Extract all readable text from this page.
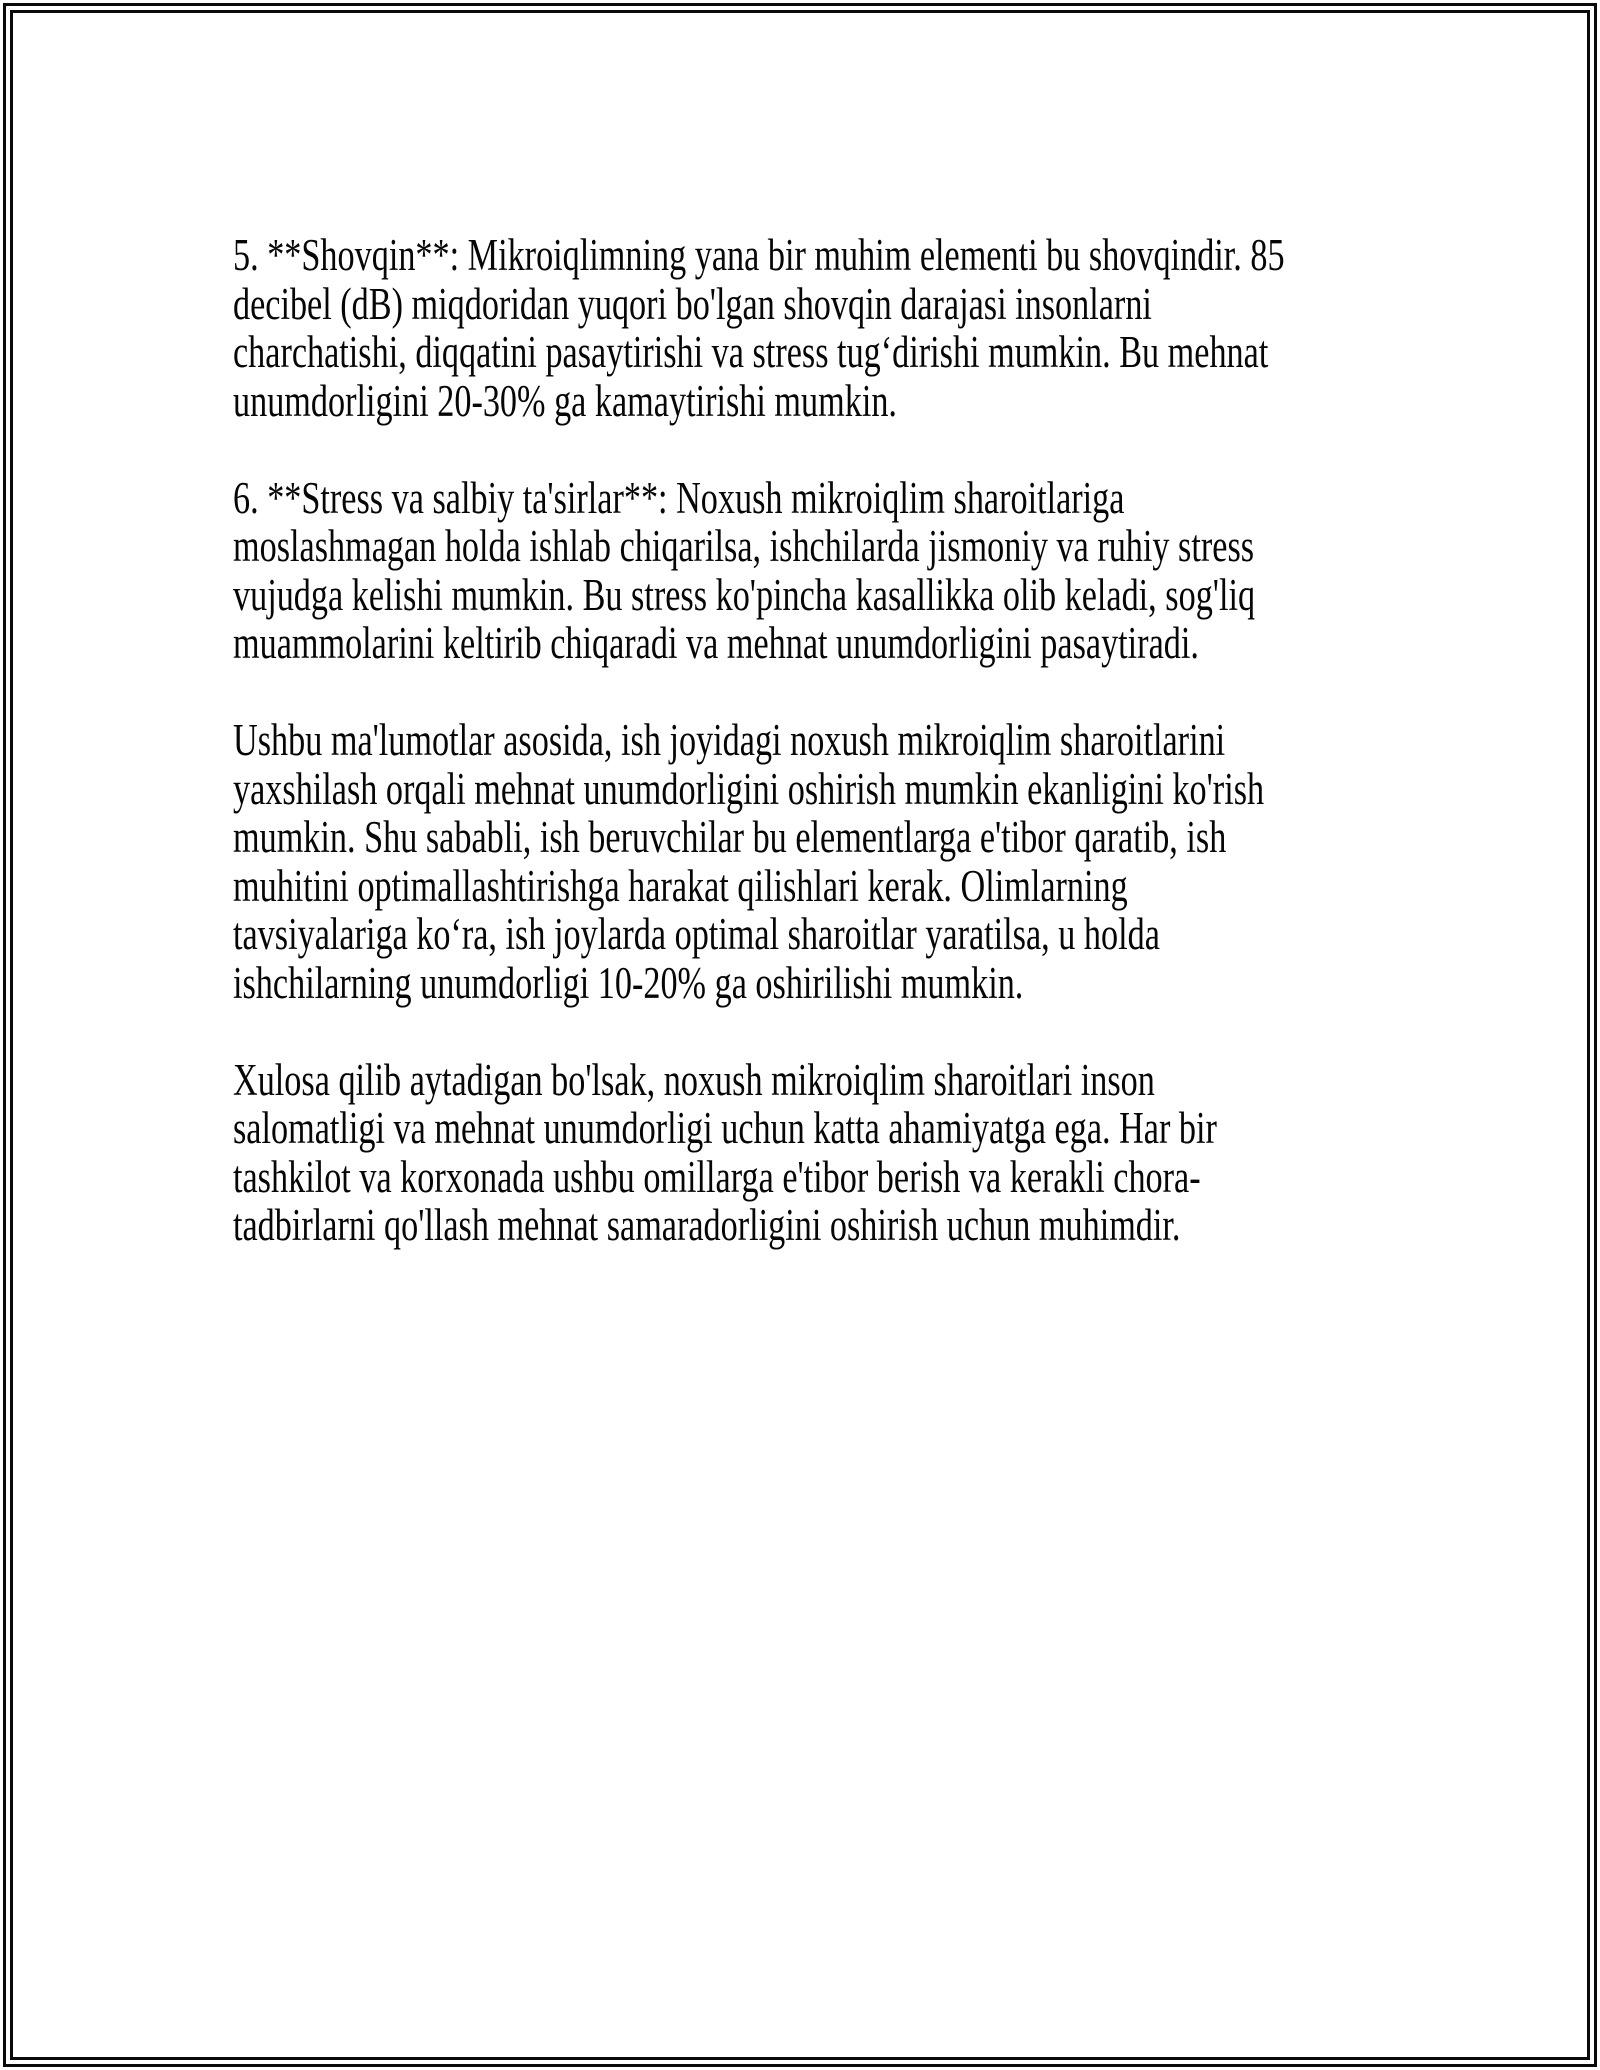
5. **Shovqin**: Mikroiqlimning yana bir muhim elementi bu shovqindir. 85
decibel (dB) miqdoridan yuqori bo'lgan shovqin darajasi insonlarni
charchatishi, diqqatini pasaytirishi va stress tug‘dirishi mumkin. Bu mehnat
unumdorligini 20-30% ga kamaytirishi mumkin.
6. **Stress va salbiy ta'sirlar**: Noxush mikroiqlim sharoitlariga
moslashmagan holda ishlab chiqarilsa, ishchilarda jismoniy va ruhiy stress
vujudga kelishi mumkin. Bu stress ko'pincha kasallikka olib keladi, sog'liq
muammolarini keltirib chiqaradi va mehnat unumdorligini pasaytiradi.
Ushbu ma'lumotlar asosida, ish joyidagi noxush mikroiqlim sharoitlarini
yaxshilash orqali mehnat unumdorligini oshirish mumkin ekanligini ko'rish
mumkin. Shu sababli, ish beruvchilar bu elementlarga e'tibor qaratib, ish
muhitini optimallashtirishga harakat qilishlari kerak. Olimlarning
tavsiyalariga ko‘ra, ish joylarda optimal sharoitlar yaratilsa, u holda
ishchilarning unumdorligi 10-20% ga oshirilishi mumkin.
Xulosa qilib aytadigan bo'lsak, noxush mikroiqlim sharoitlari inson
salomatligi va mehnat unumdorligi uchun katta ahamiyatga ega. Har bir
tashkilot va korxonada ushbu omillarga e'tibor berish va kerakli chora-
tadbirlarni qo'llash mehnat samaradorligini oshirish uchun muhimdir.
